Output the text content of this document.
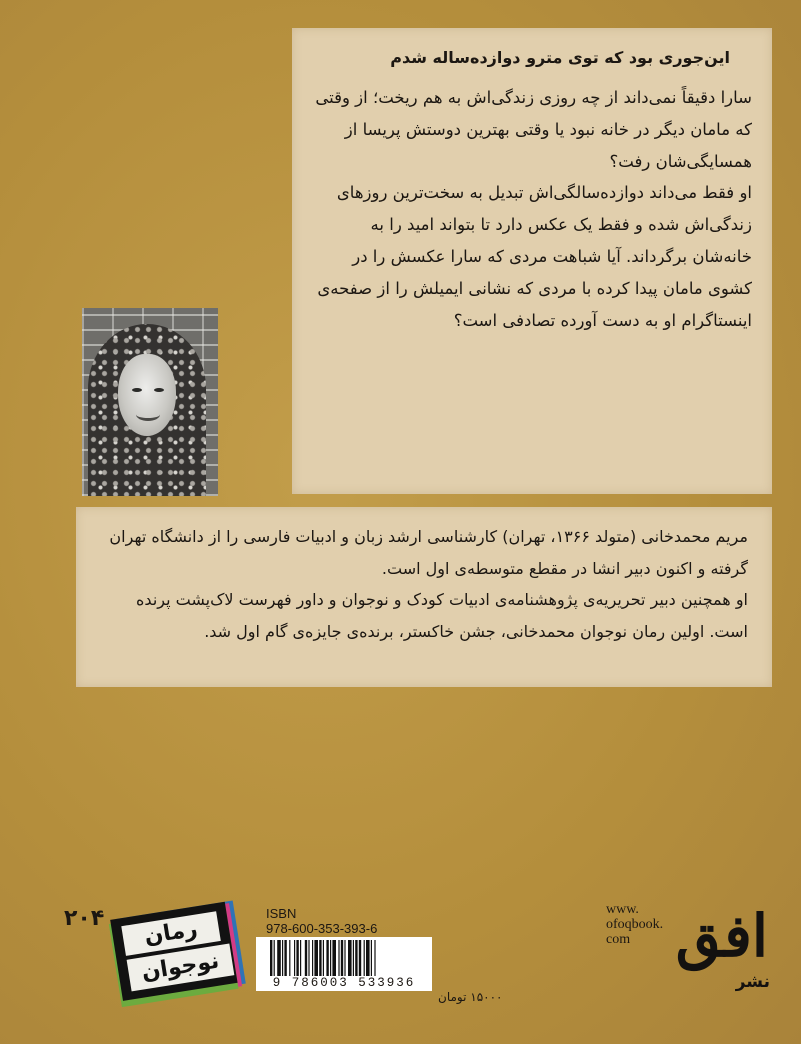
این‌جوری بود که توی مترو دوازده‌ساله شدم

سارا دقیقاً نمی‌داند از چه روزی زندگی‌اش به هم ریخت؛ از وقتی که مامان دیگر در خانه نبود یا وقتی بهترین دوستش پریسا از همسایگی‌شان رفت؟

او فقط می‌داند دوازده‌سالگی‌اش تبدیل به سخت‌ترین روزهای زندگی‌اش شده و فقط یک عکس دارد تا بتواند امید را به خانه‌شان برگرداند. آیا شباهت مردی که سارا عکسش را در کشوی مامان پیدا کرده با مردی که نشانی ایمیلش را از صفحه‌ی اینستاگرام او به دست آورده تصادفی است؟

مریم محمدخانی (متولد ۱۳۶۶، تهران) کارشناسی ارشد زبان و ادبیات فارسی را از دانشگاه تهران گرفته و اکنون دبیر انشا در مقطع متوسطه‌ی اول است.

او همچنین دبیر تحریریه‌ی پژوهشنامه‌ی ادبیات کودک و نوجوان و داور فهرست لاک‌پشت پرنده است. اولین رمان نوجوان محمدخانی، جشن خاکستر، برنده‌ی جایزه‌ی گام اول شد.

۲۰۴	رمان
نوجوان
ISBN
978-600-353-393-6
9 786003 533936
۱۵۰۰۰ تومان
www.
ofoqbook.
com افق
نشر
